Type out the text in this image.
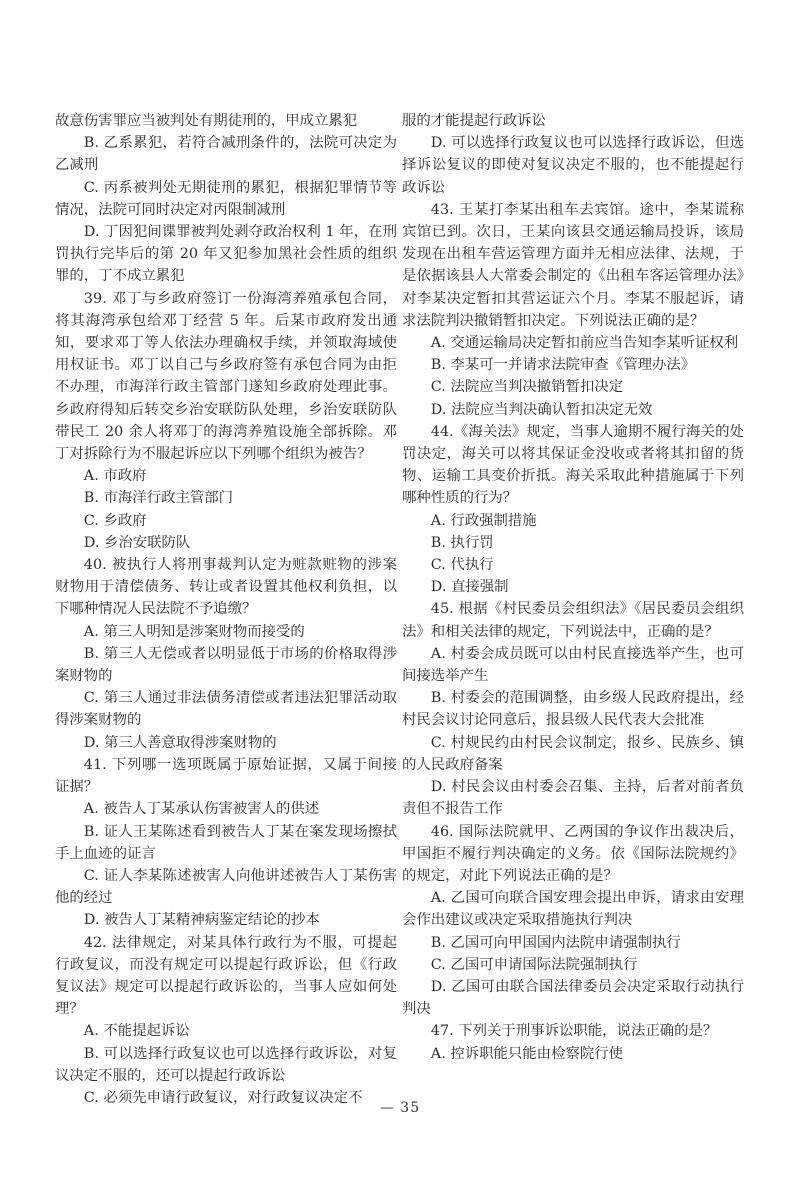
故意伤害罪应当被判处有期徒刑的，甲成立累犯

B. 乙系累犯，若符合减刑条件的，法院可决定为乙减刑

C. 丙系被判处无期徒刑的累犯，根据犯罪情节等情况，法院可同时决定对丙限制减刑

D. 丁因犯间谍罪被判处剥夺政治权利 1 年，在刑罚执行完毕后的第 20 年又犯参加黑社会性质的组织罪的，丁不成立累犯

39. 邓丁与乡政府签订一份海湾养殖承包合同，将其海湾承包给邓丁经营 5 年。后某市政府发出通知，要求邓丁等人依法办理确权手续，并领取海域使用权证书。邓丁以自己与乡政府签有承包合同为由拒不办理，市海洋行政主管部门遂知乡政府处理此事。乡政府得知后转交乡治安联防队处理，乡治安联防队带民工 20 余人将邓丁的海湾养殖设施全部拆除。邓丁对拆除行为不服起诉应以下列哪个组织为被告？

A. 市政府

B. 市海洋行政主管部门

C. 乡政府

D. 乡治安联防队

40. 被执行人将刑事裁判认定为赃款赃物的涉案财物用于清偿债务、转让或者设置其他权利负担，以下哪种情况人民法院不予追缴？

A. 第三人明知是涉案财物而接受的

B. 第三人无偿或者以明显低于市场的价格取得涉案财物的

C. 第三人通过非法债务清偿或者违法犯罪活动取得涉案财物的

D. 第三人善意取得涉案财物的

41. 下列哪一选项既属于原始证据，又属于间接证据？

A. 被告人丁某承认伤害被害人的供述

B. 证人王某陈述看到被告人丁某在案发现场擦拭手上血迹的证言

C. 证人李某陈述被害人向他讲述被告人丁某伤害他的经过

D. 被告人丁某精神病鉴定结论的抄本

42. 法律规定，对某具体行政行为不服，可提起行政复议，而没有规定可以提起行政诉讼，但《行政复议法》规定可以提起行政诉讼的，当事人应如何处理？

A. 不能提起诉讼

B. 可以选择行政复议也可以选择行政诉讼，对复议决定不服的，还可以提起行政诉讼

C. 必须先申请行政复议，对行政复议决定不

服的才能提起行政诉讼

D. 可以选择行政复议也可以选择行政诉讼，但选择诉讼复议的即使对复议决定不服的，也不能提起行政诉讼

43. 王某打李某出租车去宾馆。途中，李某谎称宾馆已到。次日，王某向该县交通运输局投诉，该局发现在出租车营运管理方面并无相应法律、法规，于是依据该县人大常委会制定的《出租车客运管理办法》对李某决定暂扣其营运证六个月。李某不服起诉，请求法院判决撤销暂扣决定。下列说法正确的是？

A. 交通运输局决定暂扣前应当告知李某听证权利

B. 李某可一并请求法院审查《管理办法》

C. 法院应当判决撤销暂扣决定

D. 法院应当判决确认暂扣决定无效

44.《海关法》规定，当事人逾期不履行海关的处罚决定，海关可以将其保证金没收或者将其扣留的货物、运输工具变价折抵。海关采取此种措施属于下列哪种性质的行为？

A. 行政强制措施

B. 执行罚

C. 代执行

D. 直接强制

45. 根据《村民委员会组织法》《居民委员会组织法》和相关法律的规定，下列说法中，正确的是？

A. 村委会成员既可以由村民直接选举产生，也可间接选举产生

B. 村委会的范围调整，由乡级人民政府提出，经村民会议讨论同意后，报县级人民代表大会批准

C. 村规民约由村民会议制定，报乡、民族乡、镇的人民政府备案

D. 村民会议由村委会召集、主持，后者对前者负责但不报告工作

46. 国际法院就甲、乙两国的争议作出裁决后，甲国拒不履行判决确定的义务。依《国际法院规约》的规定，对此下列说法正确的是？

A. 乙国可向联合国安理会提出申诉，请求由安理会作出建议或决定采取措施执行判决

B. 乙国可向甲国国内法院申请强制执行

C. 乙国可申请国际法院强制执行

D. 乙国可由联合国法律委员会决定采取行动执行判决

47. 下列关于刑事诉讼职能，说法正确的是？

A. 控诉职能只能由检察院行使

— 35
